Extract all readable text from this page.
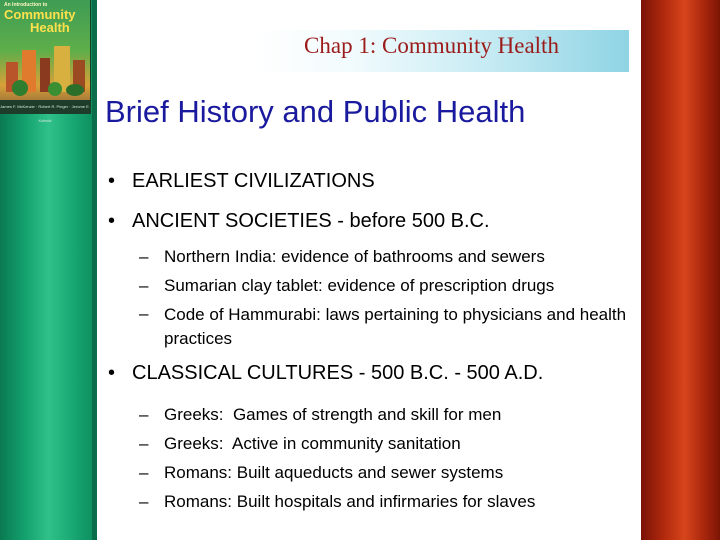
An Introduction to
Community
Health
James F. McKenzie · Robert R. Pinger · Jerome E. Kotecki
Chap 1: Community Health
Brief History and Public Health
• EARLIEST CIVILIZATIONS
• ANCIENT SOCIETIES - before 500 B.C.
– Northern India: evidence of bathrooms and sewers
– Sumarian clay tablet: evidence of prescription drugs
– Code of Hammurabi: laws pertaining to physicians and health practices
• CLASSICAL CULTURES - 500 B.C. - 500 A.D.
– Greeks:  Games of strength and skill for men
– Greeks:  Active in community sanitation
– Romans: Built aqueducts and sewer systems
– Romans: Built hospitals and infirmaries for slaves
